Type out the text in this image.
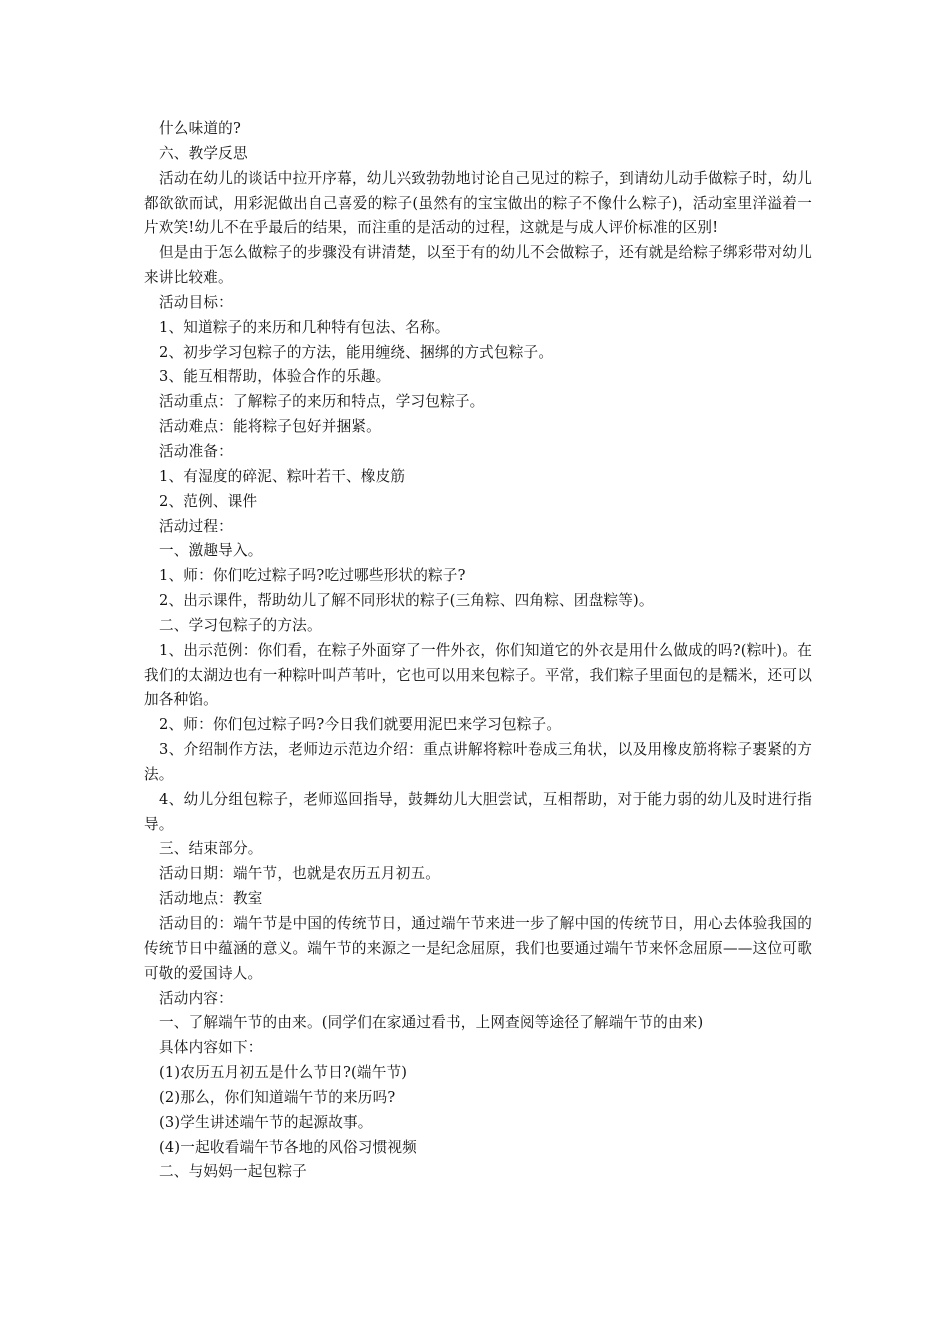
什么味道的?

六、教学反思

活动在幼儿的谈话中拉开序幕，幼儿兴致勃勃地讨论自己见过的粽子，到请幼儿动手做粽子时，幼儿都欲欲而试，用彩泥做出自己喜爱的粽子(虽然有的宝宝做出的粽子不像什么粽子)，活动室里洋溢着一片欢笑!幼儿不在乎最后的结果，而注重的是活动的过程，这就是与成人评价标准的区别!

但是由于怎么做粽子的步骤没有讲清楚，以至于有的幼儿不会做粽子，还有就是给粽子绑彩带对幼儿来讲比较难。

活动目标：

1、知道粽子的来历和几种特有包法、名称。

2、初步学习包粽子的方法，能用缠绕、捆绑的方式包粽子。

3、能互相帮助，体验合作的乐趣。

活动重点：了解粽子的来历和特点，学习包粽子。

活动难点：能将粽子包好并捆紧。

活动准备：

1、有湿度的碎泥、粽叶若干、橡皮筋

2、范例、课件

活动过程：

一、激趣导入。

1、师：你们吃过粽子吗?吃过哪些形状的粽子?

2、出示课件，帮助幼儿了解不同形状的粽子(三角粽、四角粽、团盘粽等)。

二、学习包粽子的方法。

1、出示范例：你们看，在粽子外面穿了一件外衣，你们知道它的外衣是用什么做成的吗?(粽叶)。在我们的太湖边也有一种粽叶叫芦苇叶，它也可以用来包粽子。平常，我们粽子里面包的是糯米，还可以加各种馅。

2、师：你们包过粽子吗?今日我们就要用泥巴来学习包粽子。

3、介绍制作方法，老师边示范边介绍：重点讲解将粽叶卷成三角状，以及用橡皮筋将粽子裹紧的方法。

4、幼儿分组包粽子，老师巡回指导，鼓舞幼儿大胆尝试，互相帮助，对于能力弱的幼儿及时进行指导。

三、结束部分。

活动日期：端午节，也就是农历五月初五。

活动地点：教室

活动目的：端午节是中国的传统节日，通过端午节来进一步了解中国的传统节日，用心去体验我国的传统节日中蕴涵的意义。端午节的来源之一是纪念屈原，我们也要通过端午节来怀念屈原——这位可歌可敬的爱国诗人。

活动内容：

一、了解端午节的由来。(同学们在家通过看书，上网查阅等途径了解端午节的由来)

具体内容如下：

(1)农历五月初五是什么节日?(端午节)

(2)那么，你们知道端午节的来历吗?

(3)学生讲述端午节的起源故事。

(4)一起收看端午节各地的风俗习惯视频

二、与妈妈一起包粽子
